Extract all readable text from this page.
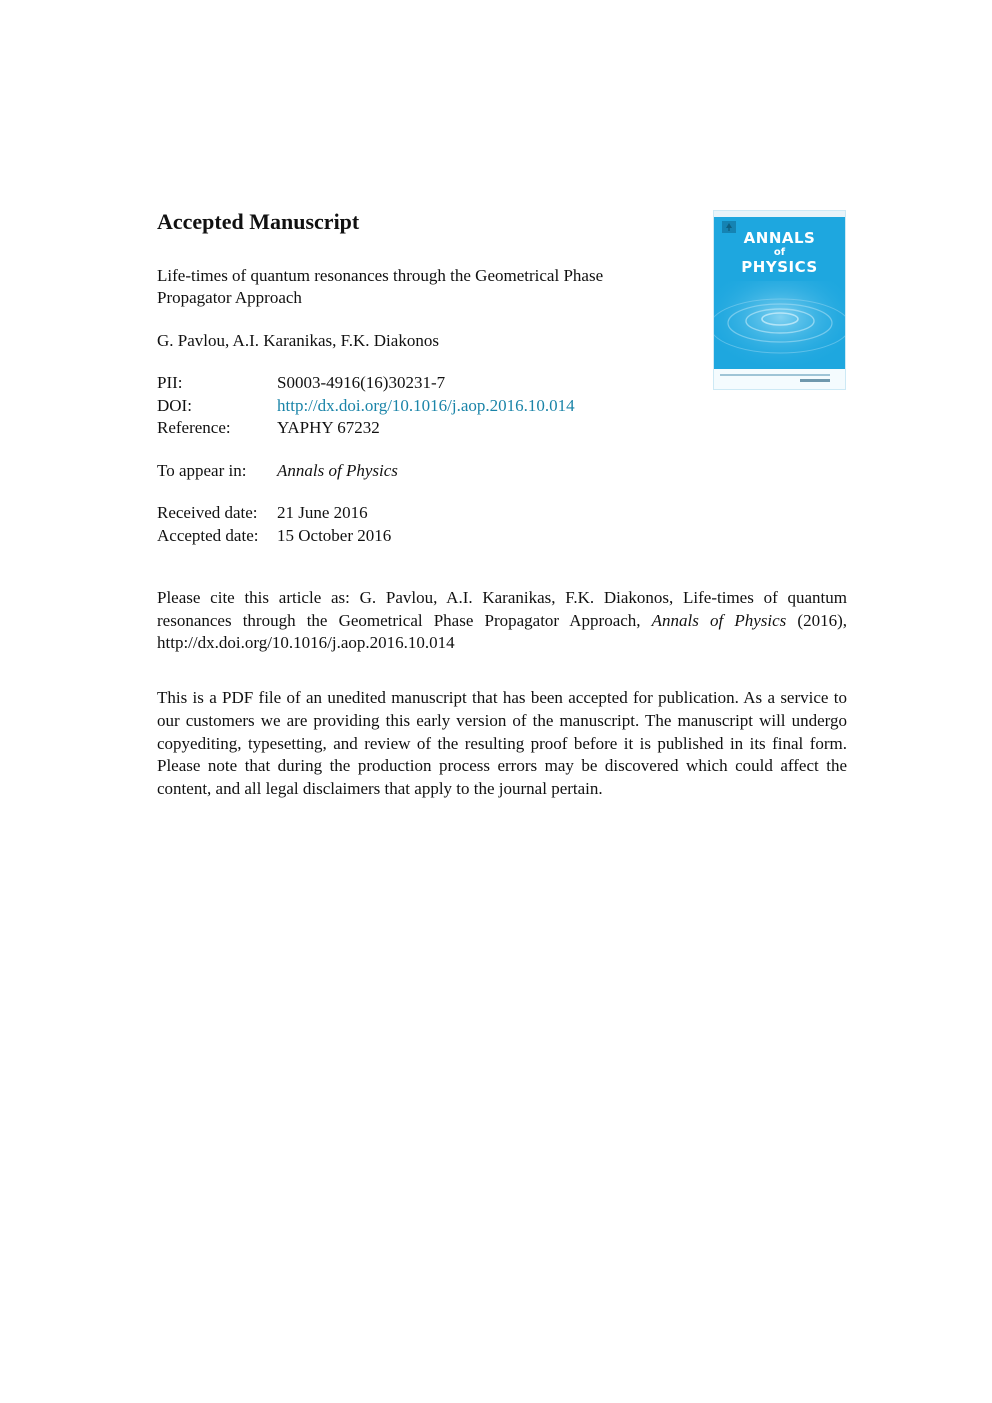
Accepted Manuscript
Life-times of quantum resonances through the Geometrical Phase Propagator Approach
G. Pavlou, A.I. Karanikas, F.K. Diakonos
PII:	S0003-4916(16)30231-7
DOI:	http://dx.doi.org/10.1016/j.aop.2016.10.014
Reference:	YAPHY 67232
To appear in:	Annals of Physics
Received date:	21 June 2016
Accepted date:	15 October 2016
Please cite this article as: G. Pavlou, A.I. Karanikas, F.K. Diakonos, Life-times of quantum resonances through the Geometrical Phase Propagator Approach, Annals of Physics (2016), http://dx.doi.org/10.1016/j.aop.2016.10.014
This is a PDF file of an unedited manuscript that has been accepted for publication. As a service to our customers we are providing this early version of the manuscript. The manuscript will undergo copyediting, typesetting, and review of the resulting proof before it is published in its final form. Please note that during the production process errors may be discovered which could affect the content, and all legal disclaimers that apply to the journal pertain.
ANNALS
of
PHYSICS
